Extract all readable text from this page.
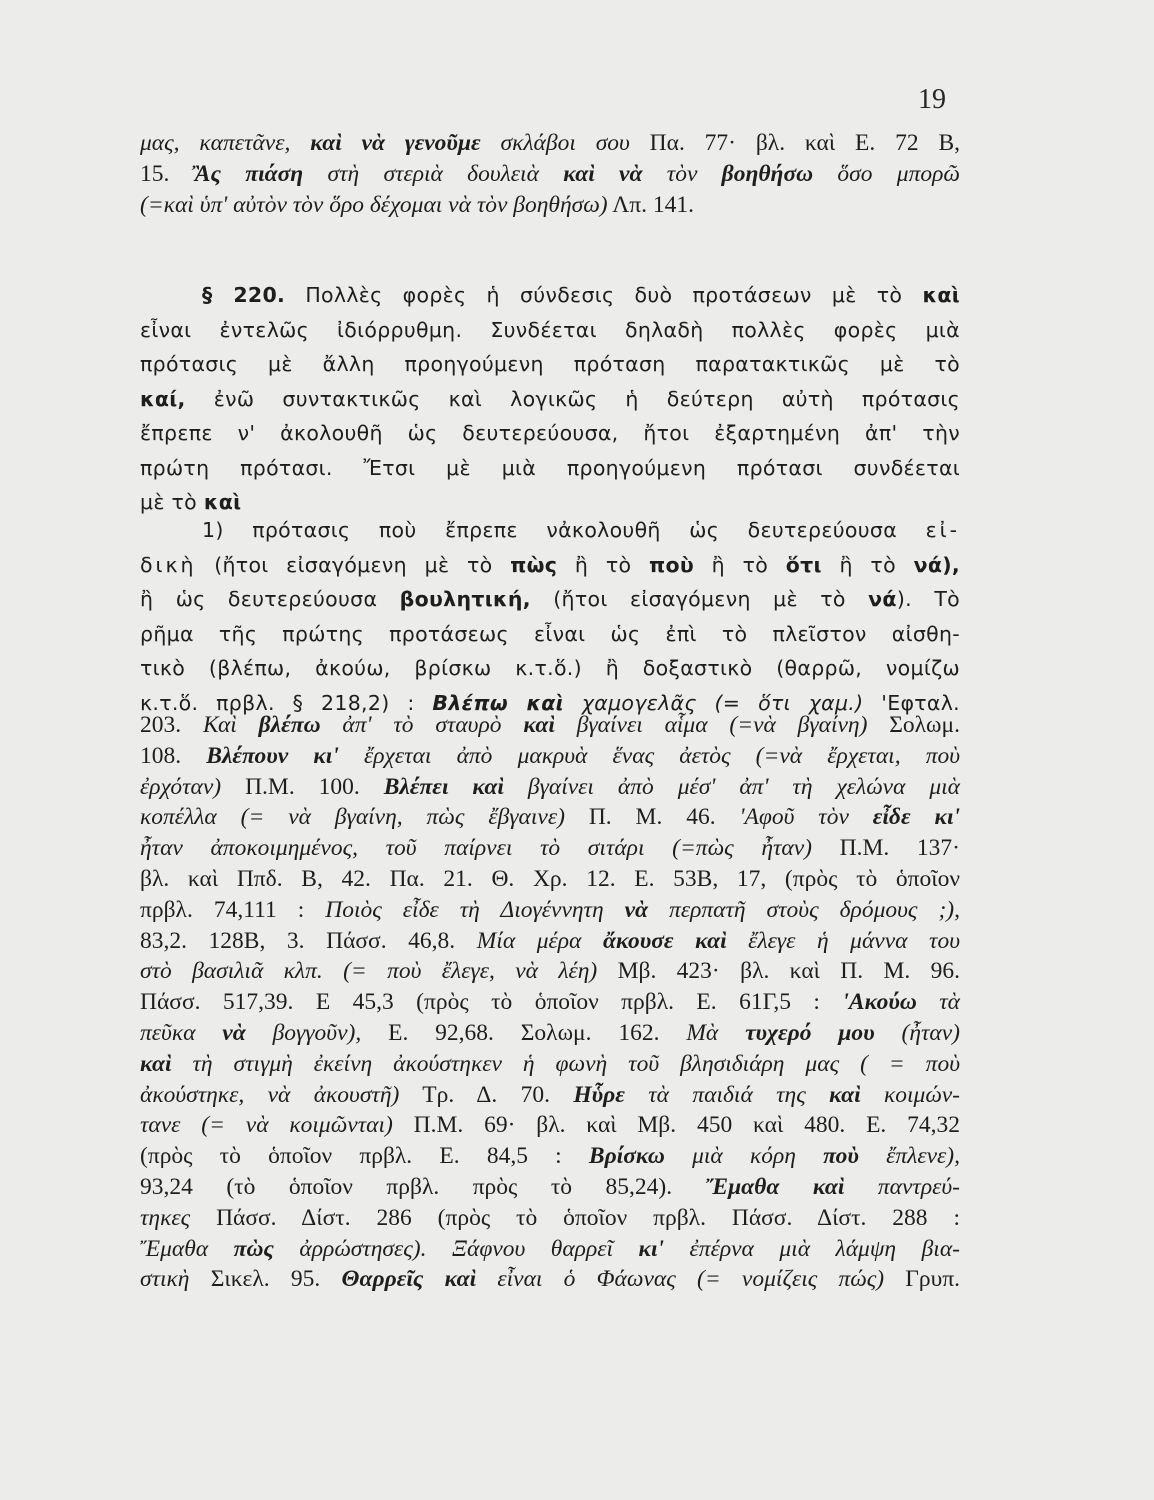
19
μας, καπετᾶνε, καὶ νὰ γενοῦμε σκλάβοι σου Πα. 77· βλ. καὶ Ε. 72 Β,
15. Ἂς πιάση στὴ στεριὰ δουλειὰ καὶ νὰ τὸν βοηθήσω ὅσο μπορῶ
(=καὶ ὑπ' αὐτὸν τὸν ὅρο δέχομαι νὰ τὸν βοηθήσω) Λπ. 141.
§ 220. Πολλὲς φορὲς ἡ σύνδεσις δυὸ προτάσεων μὲ τὸ καὶ
εἶναι ἐντελῶς ἰδιόρρυθμη. Συνδέεται δηλαδὴ πολλὲς φορὲς μιὰ
πρότασις μὲ ἄλλη προηγούμενη πρόταση παρατακτικῶς μὲ τὸ
καί, ἐνῶ συντακτικῶς καὶ λογικῶς ἡ δεύτερη αὐτὴ πρότασις
ἔπρεπε ν' ἀκολουθῆ ὡς δευτερεύουσα, ἤτοι ἐξαρτημένη ἀπ' τὴν
πρώτη πρότασι. Ἔτσι μὲ μιὰ προηγούμενη πρότασι συνδέεται
μὲ τὸ καὶ
1) πρότασις ποὺ ἔπρεπε νἀκολουθῆ ὡς δευτερεύουσα εἰ-
δικὴ (ἤτοι εἰσαγόμενη μὲ τὸ πὼς ἢ τὸ ποὺ ἢ τὸ ὅτι ἢ τὸ νά),
ἢ ὡς δευτερεύουσα βουλητική, (ἤτοι εἰσαγόμενη μὲ τὸ νά). Τὸ
ρῆμα τῆς πρώτης προτάσεως εἶναι ὡς ἐπὶ τὸ πλεῖστον αἰσθη-
τικὸ (βλέπω, ἀκούω, βρίσκω κ.τ.ὅ.) ἢ δοξαστικὸ (θαρρῶ, νομίζω
κ.τ.ὅ. πρβλ. § 218,2) : Βλέπω καὶ χαμογελᾶς (= ὅτι χαμ.) 'Εφταλ.
203. Καὶ βλέπω ἀπ' τὸ σταυρὸ καὶ βγαίνει αἷμα (=νὰ βγαίνη) Σολωμ.
108. Βλέπουν κι' ἔρχεται ἀπὸ μακρυὰ ἕνας ἀετὸς (=νὰ ἔρχεται, ποὺ
ἐρχόταν) Π.Μ. 100. Βλέπει καὶ βγαίνει ἀπὸ μέσ' ἀπ' τὴ χελώνα μιὰ
κοπέλλα (= νὰ βγαίνη, πὼς ἔβγαινε) Π. Μ. 46. 'Αφοῦ τὸν εἶδε κι'
ἦταν ἀποκοιμημένος, τοῦ παίρνει τὸ σιτάρι (=πὼς ἦταν) Π.Μ. 137·
βλ. καὶ Ππδ. Β, 42. Πα. 21. Θ. Χρ. 12. Ε. 53Β, 17, (πρὸς τὸ ὁποῖον
πρβλ. 74,111 : Ποιὸς εἶδε τὴ Διογέννητη νὰ περπατῆ στοὺς δρόμους ;),
83,2. 128Β, 3. Πάσσ. 46,8. Μία μέρα ἄκουσε καὶ ἔλεγε ἡ μάννα του
στὸ βασιλιᾶ κλπ. (= ποὺ ἔλεγε, νὰ λέη) Μβ. 423· βλ. καὶ Π. Μ. 96.
Πάσσ. 517,39. Ε 45,3 (πρὸς τὸ ὁποῖον πρβλ. Ε. 61Γ,5 : 'Ακούω τὰ
πεῦκα νὰ βογγοῦν), Ε. 92,68. Σολωμ. 162. Μὰ τυχερό μου (ἦταν)
καὶ τὴ στιγμὴ ἐκείνη ἀκούστηκεν ἡ φωνὴ τοῦ βλησιδιάρη μας ( = ποὺ
ἀκούστηκε, νὰ ἀκουστῆ) Τρ. Δ. 70. Ηὗρε τὰ παιδιά της καὶ κοιμών-
τανε (= νὰ κοιμῶνται) Π.Μ. 69· βλ. καὶ Μβ. 450 καὶ 480. Ε. 74,32
(πρὸς τὸ ὁποῖον πρβλ. Ε. 84,5 : Βρίσκω μιὰ κόρη ποὺ ἔπλενε),
93,24 (τὸ ὁποῖον πρβλ. πρὸς τὸ 85,24). Ἔμαθα καὶ παντρεύ-
τηκες Πάσσ. Δίστ. 286 (πρὸς τὸ ὁποῖον πρβλ. Πάσσ. Δίστ. 288 :
Ἔμαθα πὼς ἀρρώστησες). Ξάφνου θαρρεῖ κι' ἐπέρνα μιὰ λάμψη βια-
στικὴ Σικελ. 95. Θαρρεῖς καὶ εἶναι ὁ Φάωνας (= νομίζεις πώς) Γρυπ.
